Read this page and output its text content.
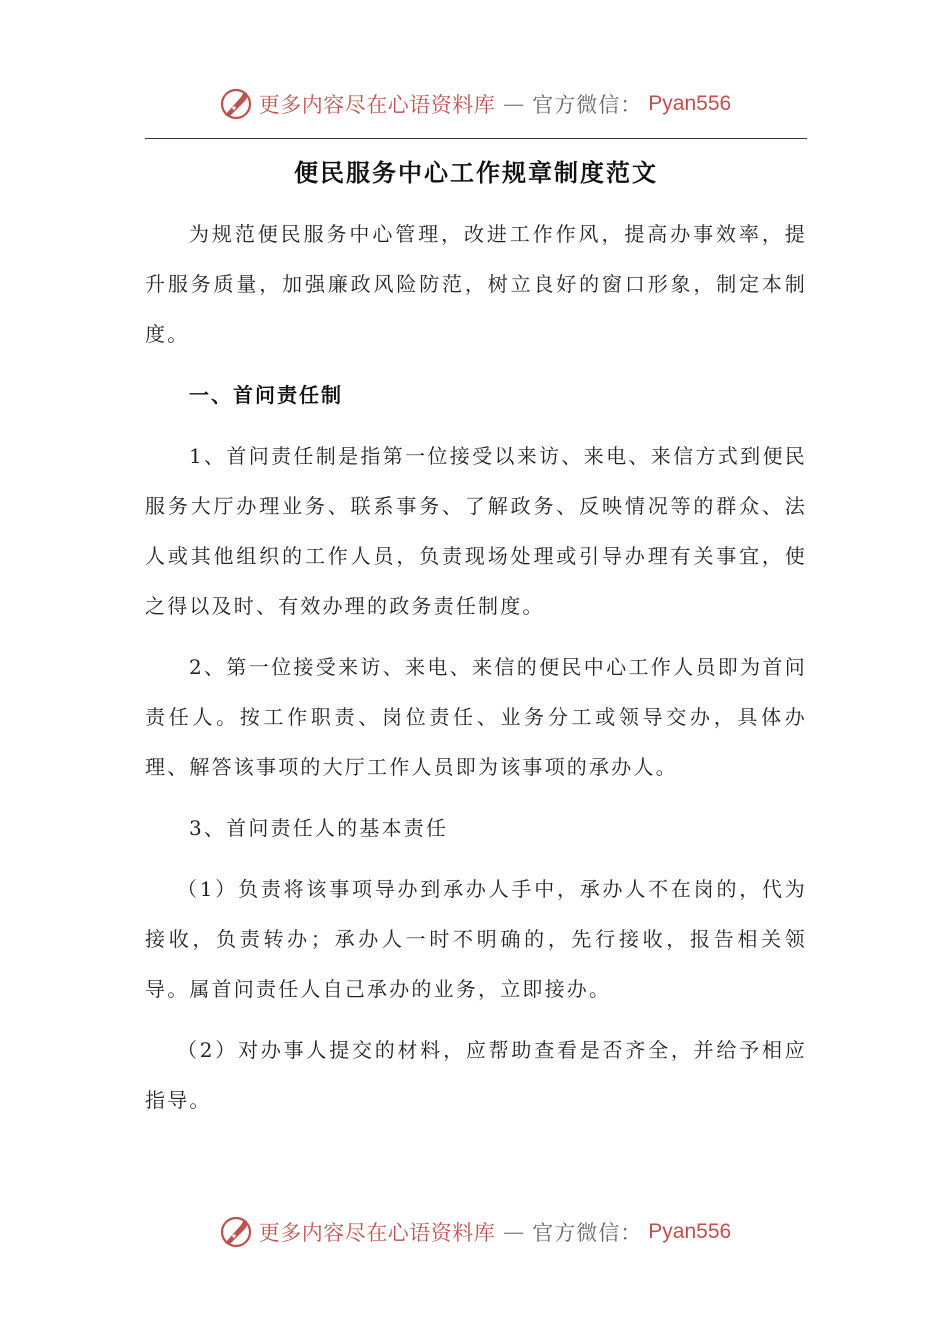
更多内容尽在心语资料库 — 官方微信： Pyan556
便民服务中心工作规章制度范文

为规范便民服务中心管理，改进工作作风，提高办事效率，提升服务质量，加强廉政风险防范，树立良好的窗口形象，制定本制度。

一、首问责任制

1、首问责任制是指第一位接受以来访、来电、来信方式到便民服务大厅办理业务、联系事务、了解政务、反映情况等的群众、法人或其他组织的工作人员，负责现场处理或引导办理有关事宜，使之得以及时、有效办理的政务责任制度。

2、第一位接受来访、来电、来信的便民中心工作人员即为首问责任人。按工作职责、岗位责任、业务分工或领导交办，具体办理、解答该事项的大厅工作人员即为该事项的承办人。

3、首问责任人的基本责任

（1）负责将该事项导办到承办人手中，承办人不在岗的，代为接收，负责转办；承办人一时不明确的，先行接收，报告相关领导。属首问责任人自己承办的业务，立即接办。

（2）对办事人提交的材料，应帮助查看是否齐全，并给予相应指导。

更多内容尽在心语资料库 — 官方微信： Pyan556
